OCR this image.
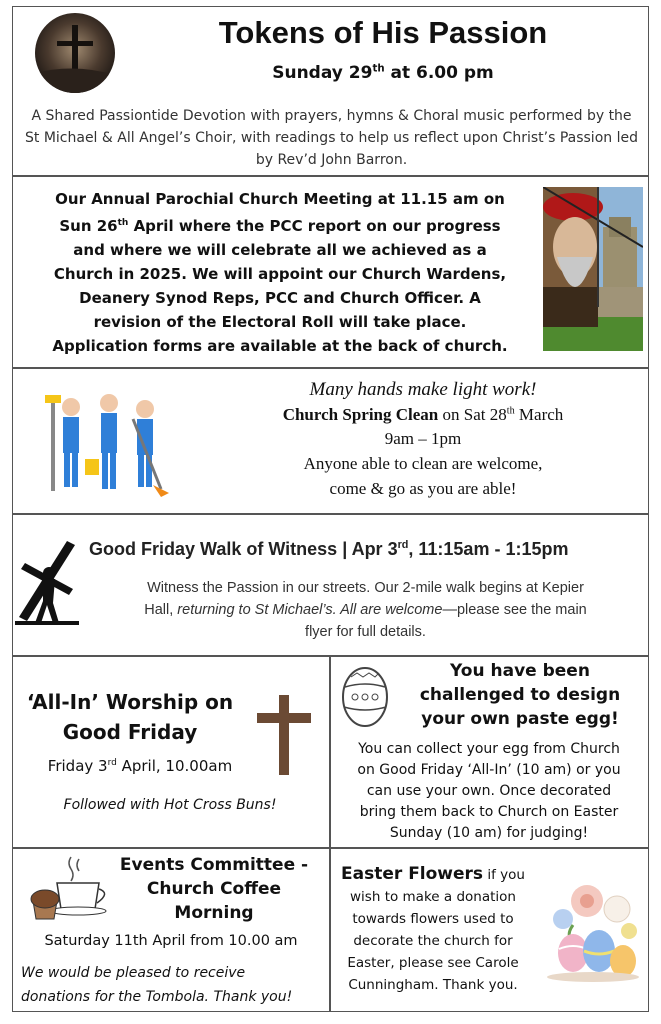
Tokens of His Passion
Sunday 29th at 6.00 pm
A Shared Passiontide Devotion with prayers, hymns & Choral music performed by the St Michael & All Angel’s Choir, with readings to help us reflect upon Christ’s Passion led by Rev’d John Barron.
Our Annual Parochial Church Meeting at 11.15 am on
Sun 26th April where the PCC report on our progress
and where we will celebrate all we achieved as a
Church in 2025. We will appoint our Church Wardens,
Deanery Synod Reps, PCC and Church Officer. A
revision of the Electoral Roll will take place.
Application forms are available at the back of church.
Many hands make light work!
Church Spring Clean on Sat 28th March
9am – 1pm
Anyone able to clean are welcome,
come & go as you are able!
Good Friday Walk of Witness | Apr 3rd, 11:15am - 1:15pm
Witness the Passion in our streets. Our 2-mile walk begins at Kepier
Hall, returning to St Michael’s. All are welcome—please see the main
flyer for full details.
‘All-In’ Worship on
Good Friday
Friday 3rd April, 10.00am
Followed with Hot Cross Buns!
You have been
challenged to design
your own paste egg!
You can collect your egg from Church
on Good Friday ‘All-In’ (10 am) or you
can use your own. Once decorated
bring them back to Church on Easter
Sunday (10 am) for judging!
Events Committee -
Church Coffee
Morning
Saturday 11th April from 10.00 am
We would be pleased to receive
donations for the Tombola. Thank you!
Easter Flowers if you
wish to make a donation
towards flowers used to
decorate the church for
Easter, please see Carole
Cunningham. Thank you.
